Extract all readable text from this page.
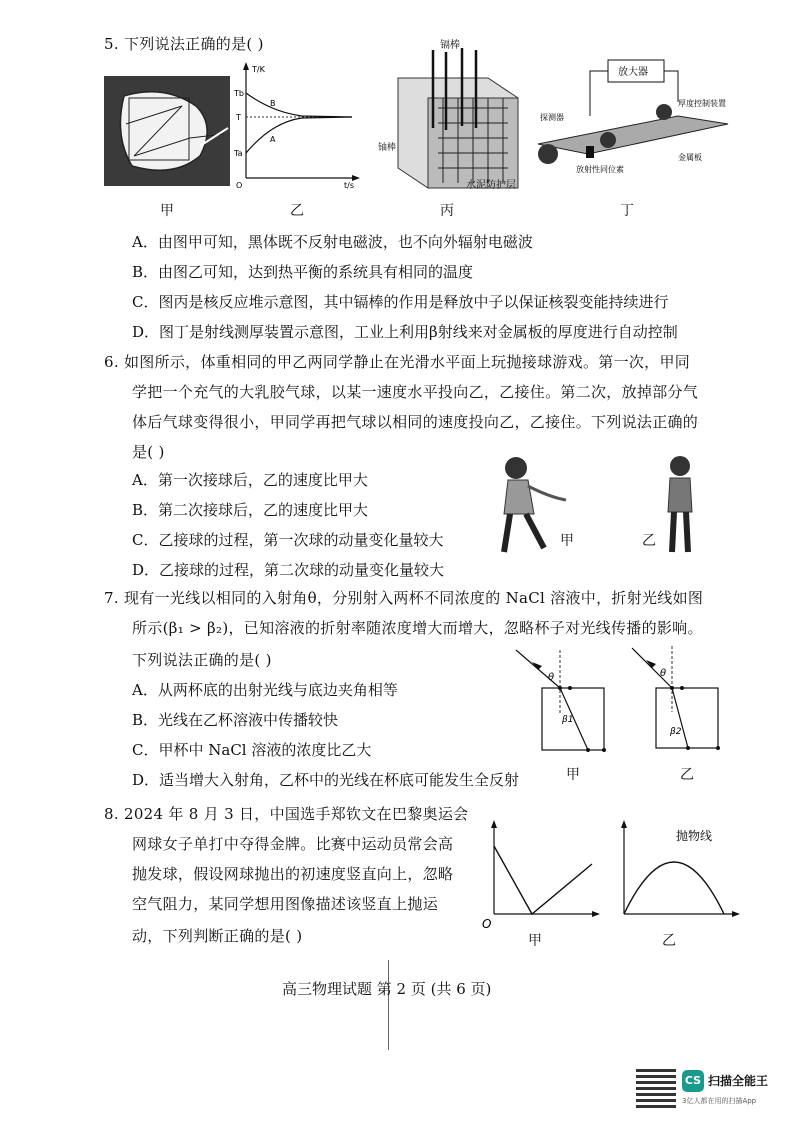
5. 下列说法正确的是( )
甲
T/K
t/s
Tb
T
Ta
O
B
A
乙
镉棒
铀棒
水泥防护层
丙
放大器
厚度控制装置
探测器
放射性同位素
金属板
丁
A．由图甲可知，黑体既不反射电磁波，也不向外辐射电磁波
B．由图乙可知，达到热平衡的系统具有相同的温度
C．图丙是核反应堆示意图，其中镉棒的作用是释放中子以保证核裂变能持续进行
D．图丁是射线测厚装置示意图，工业上利用β射线来对金属板的厚度进行自动控制
6. 如图所示，体重相同的甲乙两同学静止在光滑水平面上玩抛接球游戏。第一次，甲同
学把一个充气的大乳胶气球，以某一速度水平投向乙，乙接住。第二次，放掉部分气
体后气球变得很小，甲同学再把气球以相同的速度投向乙，乙接住。下列说法正确的
是( )
A．第一次接球后，乙的速度比甲大
B．第二次接球后，乙的速度比甲大
C．乙接球的过程，第一次球的动量变化量较大
D．乙接球的过程，第二次球的动量变化量较大
甲	乙
7. 现有一光线以相同的入射角θ，分别射入两杯不同浓度的 NaCl 溶液中，折射光线如图
所示(β₁ > β₂)，已知溶液的折射率随浓度增大而增大，忽略杯子对光线传播的影响。
下列说法正确的是( )
A．从两杯底的出射光线与底边夹角相等
B．光线在乙杯溶液中传播较快
C．甲杯中 NaCl 溶液的浓度比乙大
D．适当增大入射角，乙杯中的光线在杯底可能发生全反射
θ
β1
甲
θ
β2
乙
8. 2024 年 8 月 3 日，中国选手郑钦文在巴黎奥运会
网球女子单打中夺得金牌。比赛中运动员常会高
抛发球，假设网球抛出的初速度竖直向上，忽略
空气阻力，某同学想用图像描述该竖直上抛运
动，下列判断正确的是( )
O
甲
抛物线
乙
高三物理试题 第 2 页 (共 6 页)
CS 扫描全能王
3亿人都在用的扫描App
